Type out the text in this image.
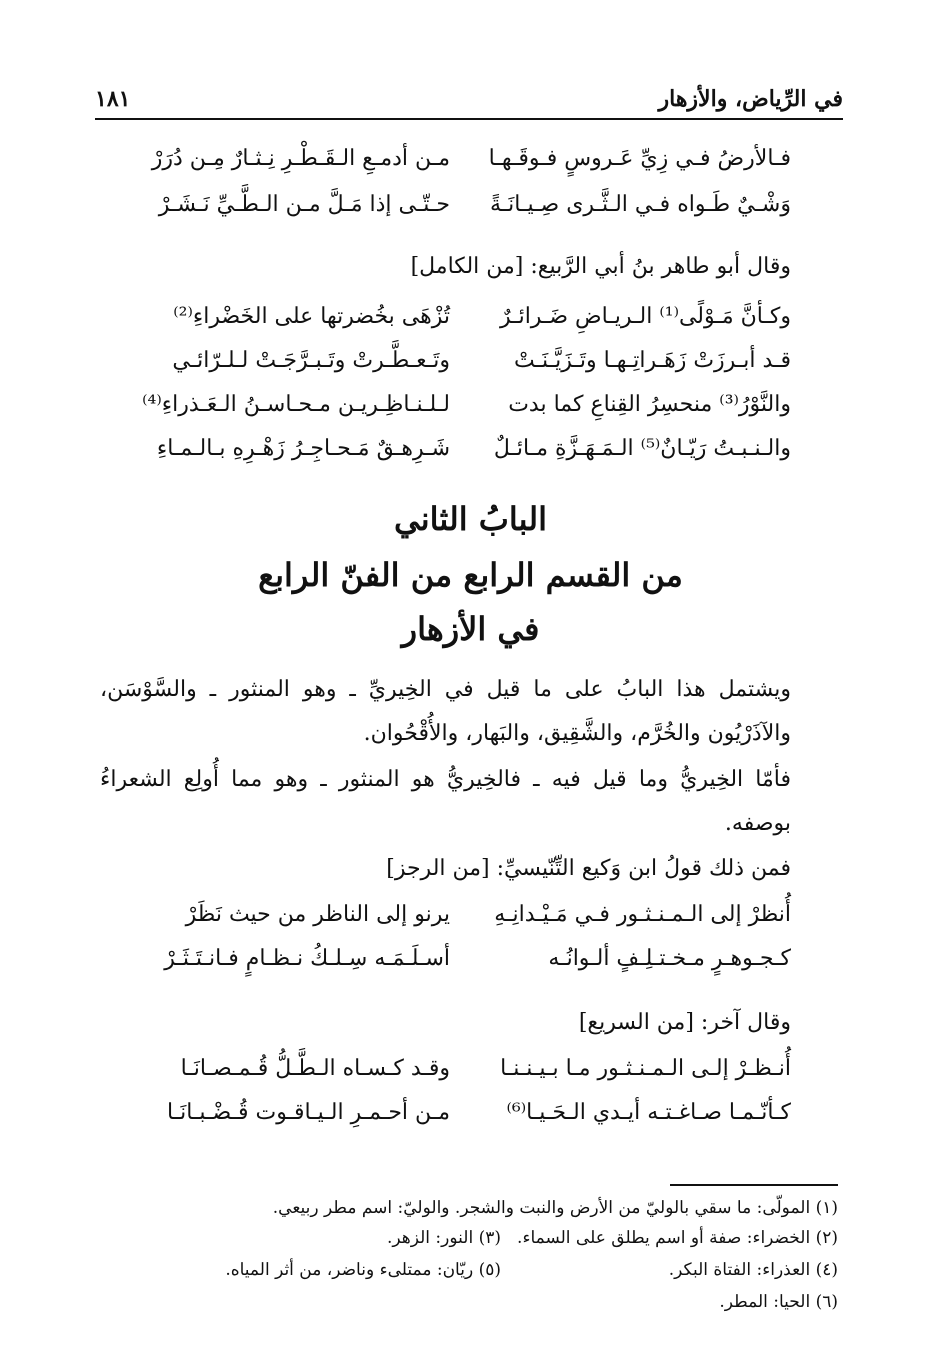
في الرِّياض، والأزهار
١٨١
فـالأرضُ فـي زِيِّ عَـروسٍ فـوقَـهـا
مـن أدمـعِ الـقَـطْـرِ نِـثـارٌ مِـن دُرَرْ
وَشْـيٌ طَـواه فـي الـثَّـرى صِـيـانَـةً
حـتّـى إذا مَـلَّ مـن الـطَّـيِّ نَـشَـرْ
وقال أبو طاهر بنُ أبي الرَّبيع: [من الكامل]
وكـأنَّ مَـوْلًى⁽¹⁾ الـريـاضِ ضَـرائـرٌ
تُزْهَى بخُضرتها على الخَضْراءِ⁽²⁾
قـد أبـرزَتْ زَهَـراتِـهـا وتَـزَيَّـنَـتْ
وتَـعـطَّـرتْ وتَـبـرَّجَـتْ لـلـرّائـي
والنَّوْرُ⁽³⁾ منحسِرُ القِناعِ كما بدت
لـلـنـاظِـريـن مـحـاسـنُ الـعَـذراءِ⁽⁴⁾
والـنـبـتُ رَيّـانٌ⁽⁵⁾ الـمَـهَـزَّةِ مـائـلٌ
شَـرِهـقٌ مَـحـاجِـرُ زَهْـرِهِ بـالـمـاءِ
البابُ الثاني
من القسم الرابع من الفنّ الرابع
في الأزهار
ويشتمل هذا البابُ على ما قيل في الخِيريِّ ـ وهو المنثور ـ والسَّوْسَن، والآذَرْيُون والخُرَّم، والشَّقِيق، والبَهار، والأُقْحُوان.
فأمّا الخِيريُّ وما قيل فيه ـ فالخِيريُّ هو المنثور ـ وهو مما أُولِع الشعراءُ بوصفه.
فمن ذلك قولُ ابن وَكيع التِّنّيسيِّ: [من الرجز]
أُنظرْ إلى الـمـنـثـور فـي مَـيْـدانِـهِ
يرنو إلى الناظر من حيث نَظَرْ
كـجـوهـرٍ مـخـتـلِـفٍ ألـوانُـه
أسـلَـمَـه سِـلـكُ نـظـامٍ فـانـتَـثَـرْ
وقال آخر: [من السريع]
أُنـظـرْ إلـى الـمـنـثـور مـا بـيـنـنـا
وقـد كـسـاه الـطَّـلُّ قُـمـصـانَـا
كـأنّـمـا صـاغـتـه أيـدي الـحَـيـا⁽⁶⁾
مـن أحـمـرِ الـيـاقـوت قُـضْـبـانَـا
(١) المولّى: ما سقي بالوليّ من الأرض والنبت والشجر. والوليّ: اسم مطر ربيعي.
(٢) الخضراء: صفة أو اسم يطلق على السماء.
(٣) النور: الزهر.
(٤) العذراء: الفتاة البكر.
(٥) ريّان: ممتلىء وناضر، من أثر المياه.
(٦) الحيا: المطر.
